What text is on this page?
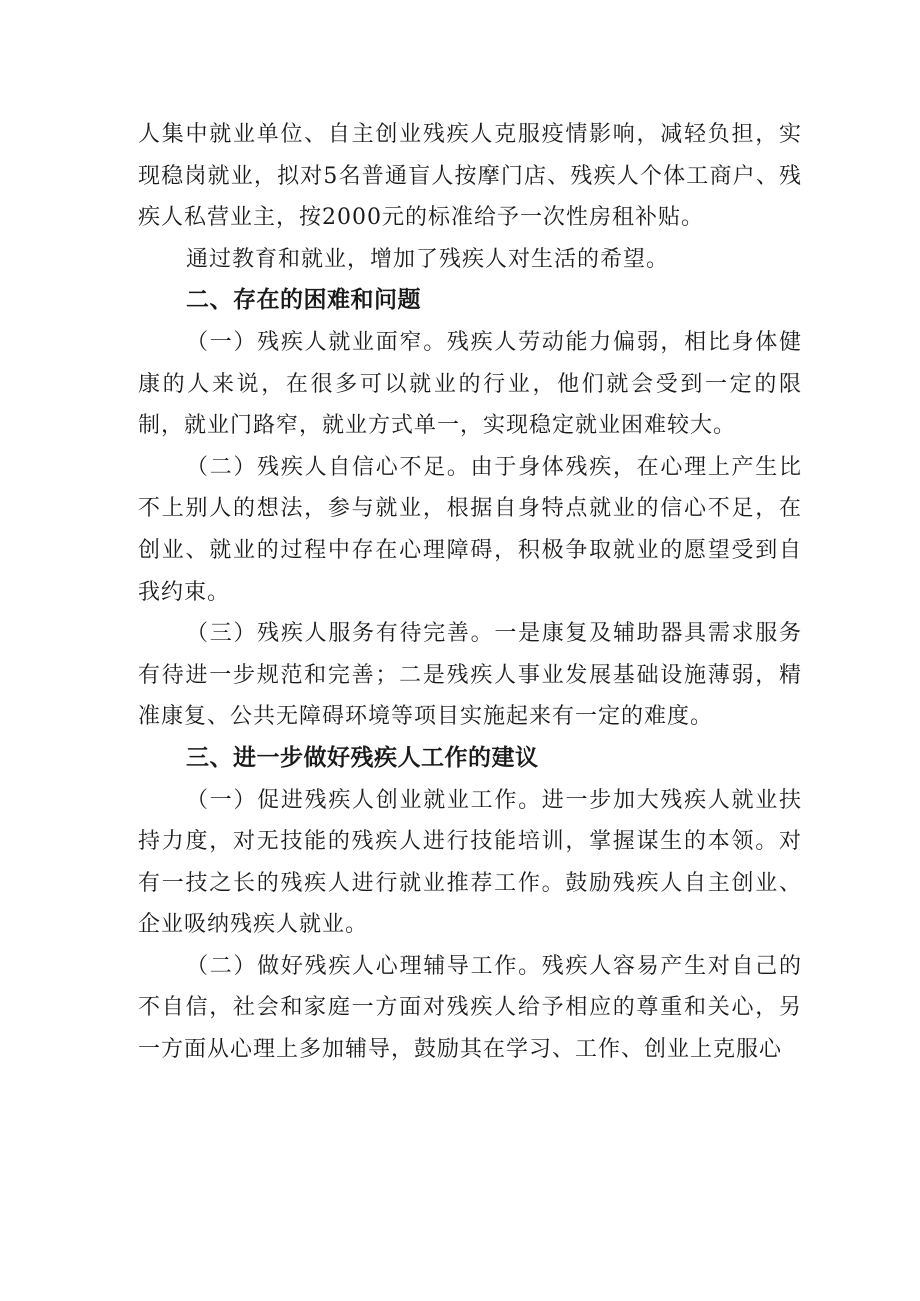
人集中就业单位、自主创业残疾人克服疫情影响，减轻负担，实现稳岗就业，拟对5名普通盲人按摩门店、残疾人个体工商户、残疾人私营业主，按2000元的标准给予一次性房租补贴。

通过教育和就业，增加了残疾人对生活的希望。

二、存在的困难和问题

（一）残疾人就业面窄。残疾人劳动能力偏弱，相比身体健康的人来说，在很多可以就业的行业，他们就会受到一定的限制，就业门路窄，就业方式单一，实现稳定就业困难较大。

（二）残疾人自信心不足。由于身体残疾，在心理上产生比不上别人的想法，参与就业，根据自身特点就业的信心不足，在创业、就业的过程中存在心理障碍，积极争取就业的愿望受到自我约束。

（三）残疾人服务有待完善。一是康复及辅助器具需求服务有待进一步规范和完善；二是残疾人事业发展基础设施薄弱，精准康复、公共无障碍环境等项目实施起来有一定的难度。

三、进一步做好残疾人工作的建议

（一）促进残疾人创业就业工作。进一步加大残疾人就业扶持力度，对无技能的残疾人进行技能培训，掌握谋生的本领。对有一技之长的残疾人进行就业推荐工作。鼓励残疾人自主创业、企业吸纳残疾人就业。

（二）做好残疾人心理辅导工作。残疾人容易产生对自己的不自信，社会和家庭一方面对残疾人给予相应的尊重和关心，另一方面从心理上多加辅导，鼓励其在学习、工作、创业上克服心
